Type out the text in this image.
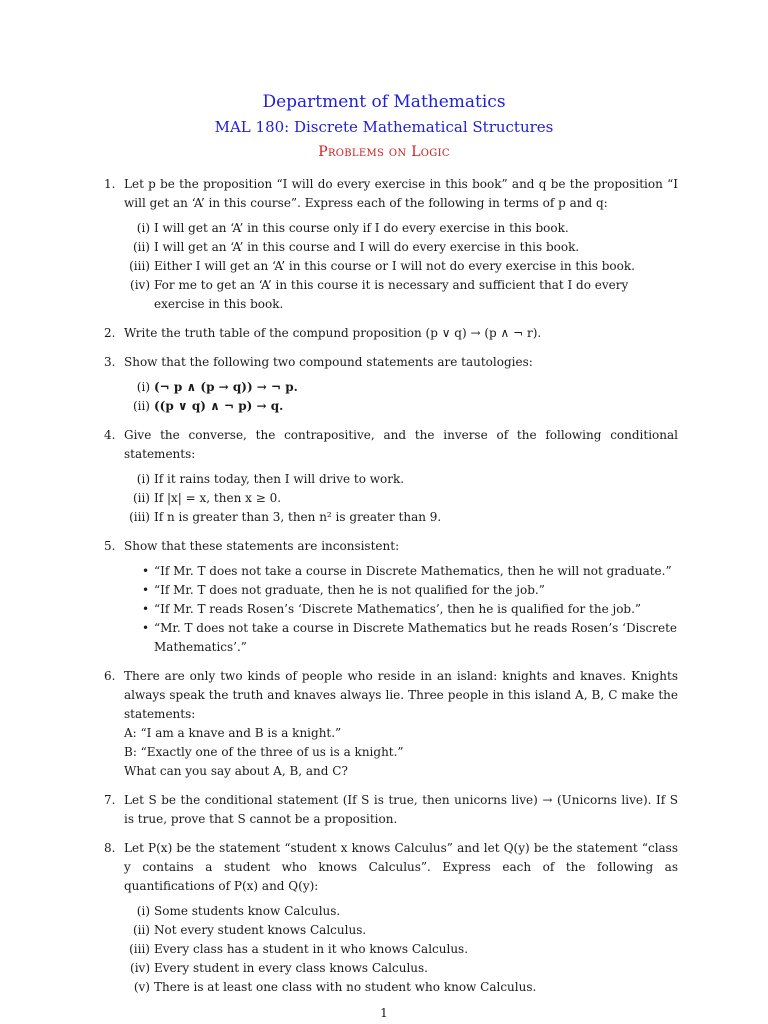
Department of Mathematics
MAL 180: Discrete Mathematical Structures
Problems on Logic
1. Let p be the proposition “I will do every exercise in this book” and q be the proposition “I will get an ‘A’ in this course”. Express each of the following in terms of p and q:

(i) I will get an ‘A’ in this course only if I do every exercise in this book.
(ii) I will get an ‘A’ in this course and I will do every exercise in this book.
(iii) Either I will get an ‘A’ in this course or I will not do every exercise in this book.
(iv) For me to get an ‘A’ in this course it is necessary and sufficient that I do every exercise in this book.
2. Write the truth table of the compund proposition (p ∨ q) → (p ∧ ¬ r).

3. Show that the following two compound statements are tautologies:

(i) (¬ p ∧ (p → q)) → ¬ p.
(ii) ((p ∨ q) ∧ ¬ p) → q.
4. Give the converse, the contrapositive, and the inverse of the following conditional statements:

(i) If it rains today, then I will drive to work.
(ii) If |x| = x, then x ≥ 0.
(iii) If n is greater than 3, then n² is greater than 9.
5. Show that these statements are inconsistent:

• “If Mr. T does not take a course in Discrete Mathematics, then he will not graduate.”
• “If Mr. T does not graduate, then he is not qualified for the job.”
• “If Mr. T reads Rosen’s ‘Discrete Mathematics’, then he is qualified for the job.”
• “Mr. T does not take a course in Discrete Mathematics but he reads Rosen’s ‘Discrete Mathematics’.”
6. There are only two kinds of people who reside in an island: knights and knaves. Knights always speak the truth and knaves always lie. Three people in this island A, B, C make the statements:

A: “I am a knave and B is a knight.”
B: “Exactly one of the three of us is a knight.”
What can you say about A, B, and C?
7. Let S be the conditional statement (If S is true, then unicorns live) → (Unicorns live). If S is true, prove that S cannot be a proposition.

8. Let P(x) be the statement “student x knows Calculus” and let Q(y) be the statement “class y contains a student who knows Calculus”. Express each of the following as quantifications of P(x) and Q(y):

(i) Some students know Calculus.
(ii) Not every student knows Calculus.
(iii) Every class has a student in it who knows Calculus.
(iv) Every student in every class knows Calculus.
(v) There is at least one class with no student who know Calculus.
1
